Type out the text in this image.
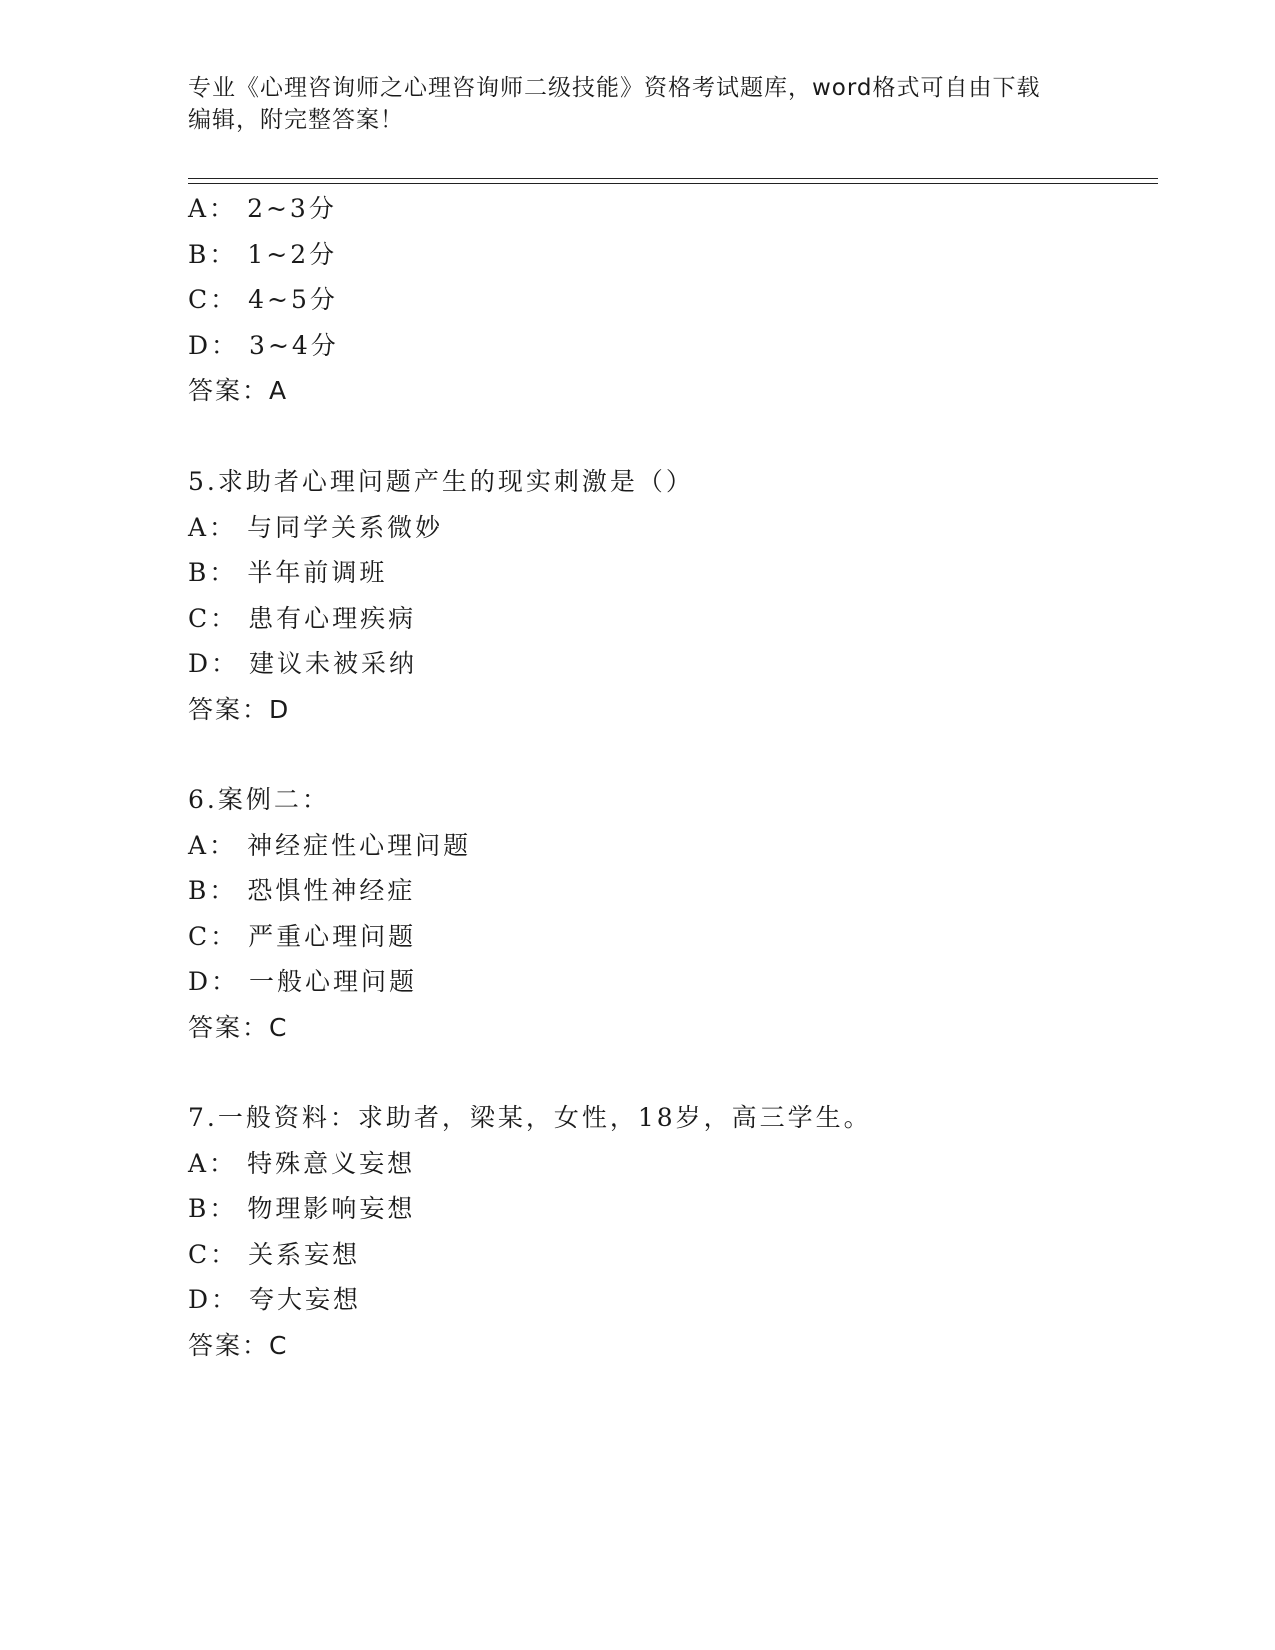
专业《心理咨询师之心理咨询师二级技能》资格考试题库，word格式可自由下载
编辑，附完整答案！
A： 2~3分
B： 1~2分
C： 4~5分
D： 3~4分
答案：A
5.求助者心理问题产生的现实刺激是（）
A： 与同学关系微妙
B： 半年前调班
C： 患有心理疾病
D： 建议未被采纳
答案：D
6.案例二：
A： 神经症性心理问题
B： 恐惧性神经症
C： 严重心理问题
D： 一般心理问题
答案：C
7.一般资料：求助者，梁某，女性，18岁，高三学生。
A： 特殊意义妄想
B： 物理影响妄想
C： 关系妄想
D： 夸大妄想
答案：C
